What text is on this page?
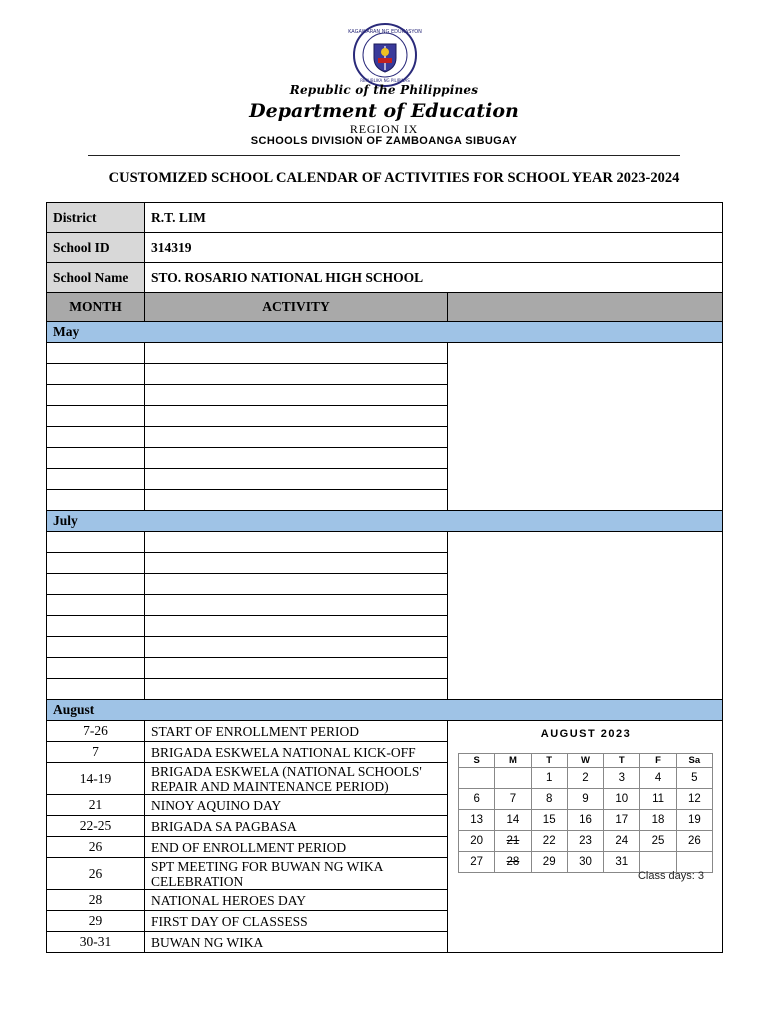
KAGAWARAN NG EDUKASYON
REPUBLIKA NG PILIPINAS
Republic of the Philippines
Department of Education
REGION IX
SCHOOLS DIVISION OF ZAMBOANGA SIBUGAY
CUSTOMIZED SCHOOL CALENDAR OF ACTIVITIES FOR SCHOOL YEAR 2023-2024
District	R.T. LIM	
School ID	314319	
School Name	STO. ROSARIO NATIONAL HIGH SCHOOL	
MONTH	ACTIVITY	
May		

July		

August		
7-26	START OF ENROLLMENT PERIOD	
7	BRIGADA ESKWELA NATIONAL KICK-OFF	
14-19	BRIGADA ESKWELA (NATIONAL SCHOOLS' REPAIR AND MAINTENANCE PERIOD)	
21	NINOY AQUINO DAY	
22-25	BRIGADA SA PAGBASA	
26	END OF ENROLLMENT PERIOD	
26	SPT MEETING FOR BUWAN NG WIKA CELEBRATION	
28	NATIONAL HEROES DAY	
29	FIRST DAY OF CLASSESS	
30-31	BUWAN NG WIKA	
AUGUST 2023
S	M	T	W	T	F	Sa
		1	2	3	4	5
6	7	8	9	10	11	12
13	14	15	16	17	18	19
20	21	22	23	24	25	26
27	28	29	30	31		
Class days: 3
